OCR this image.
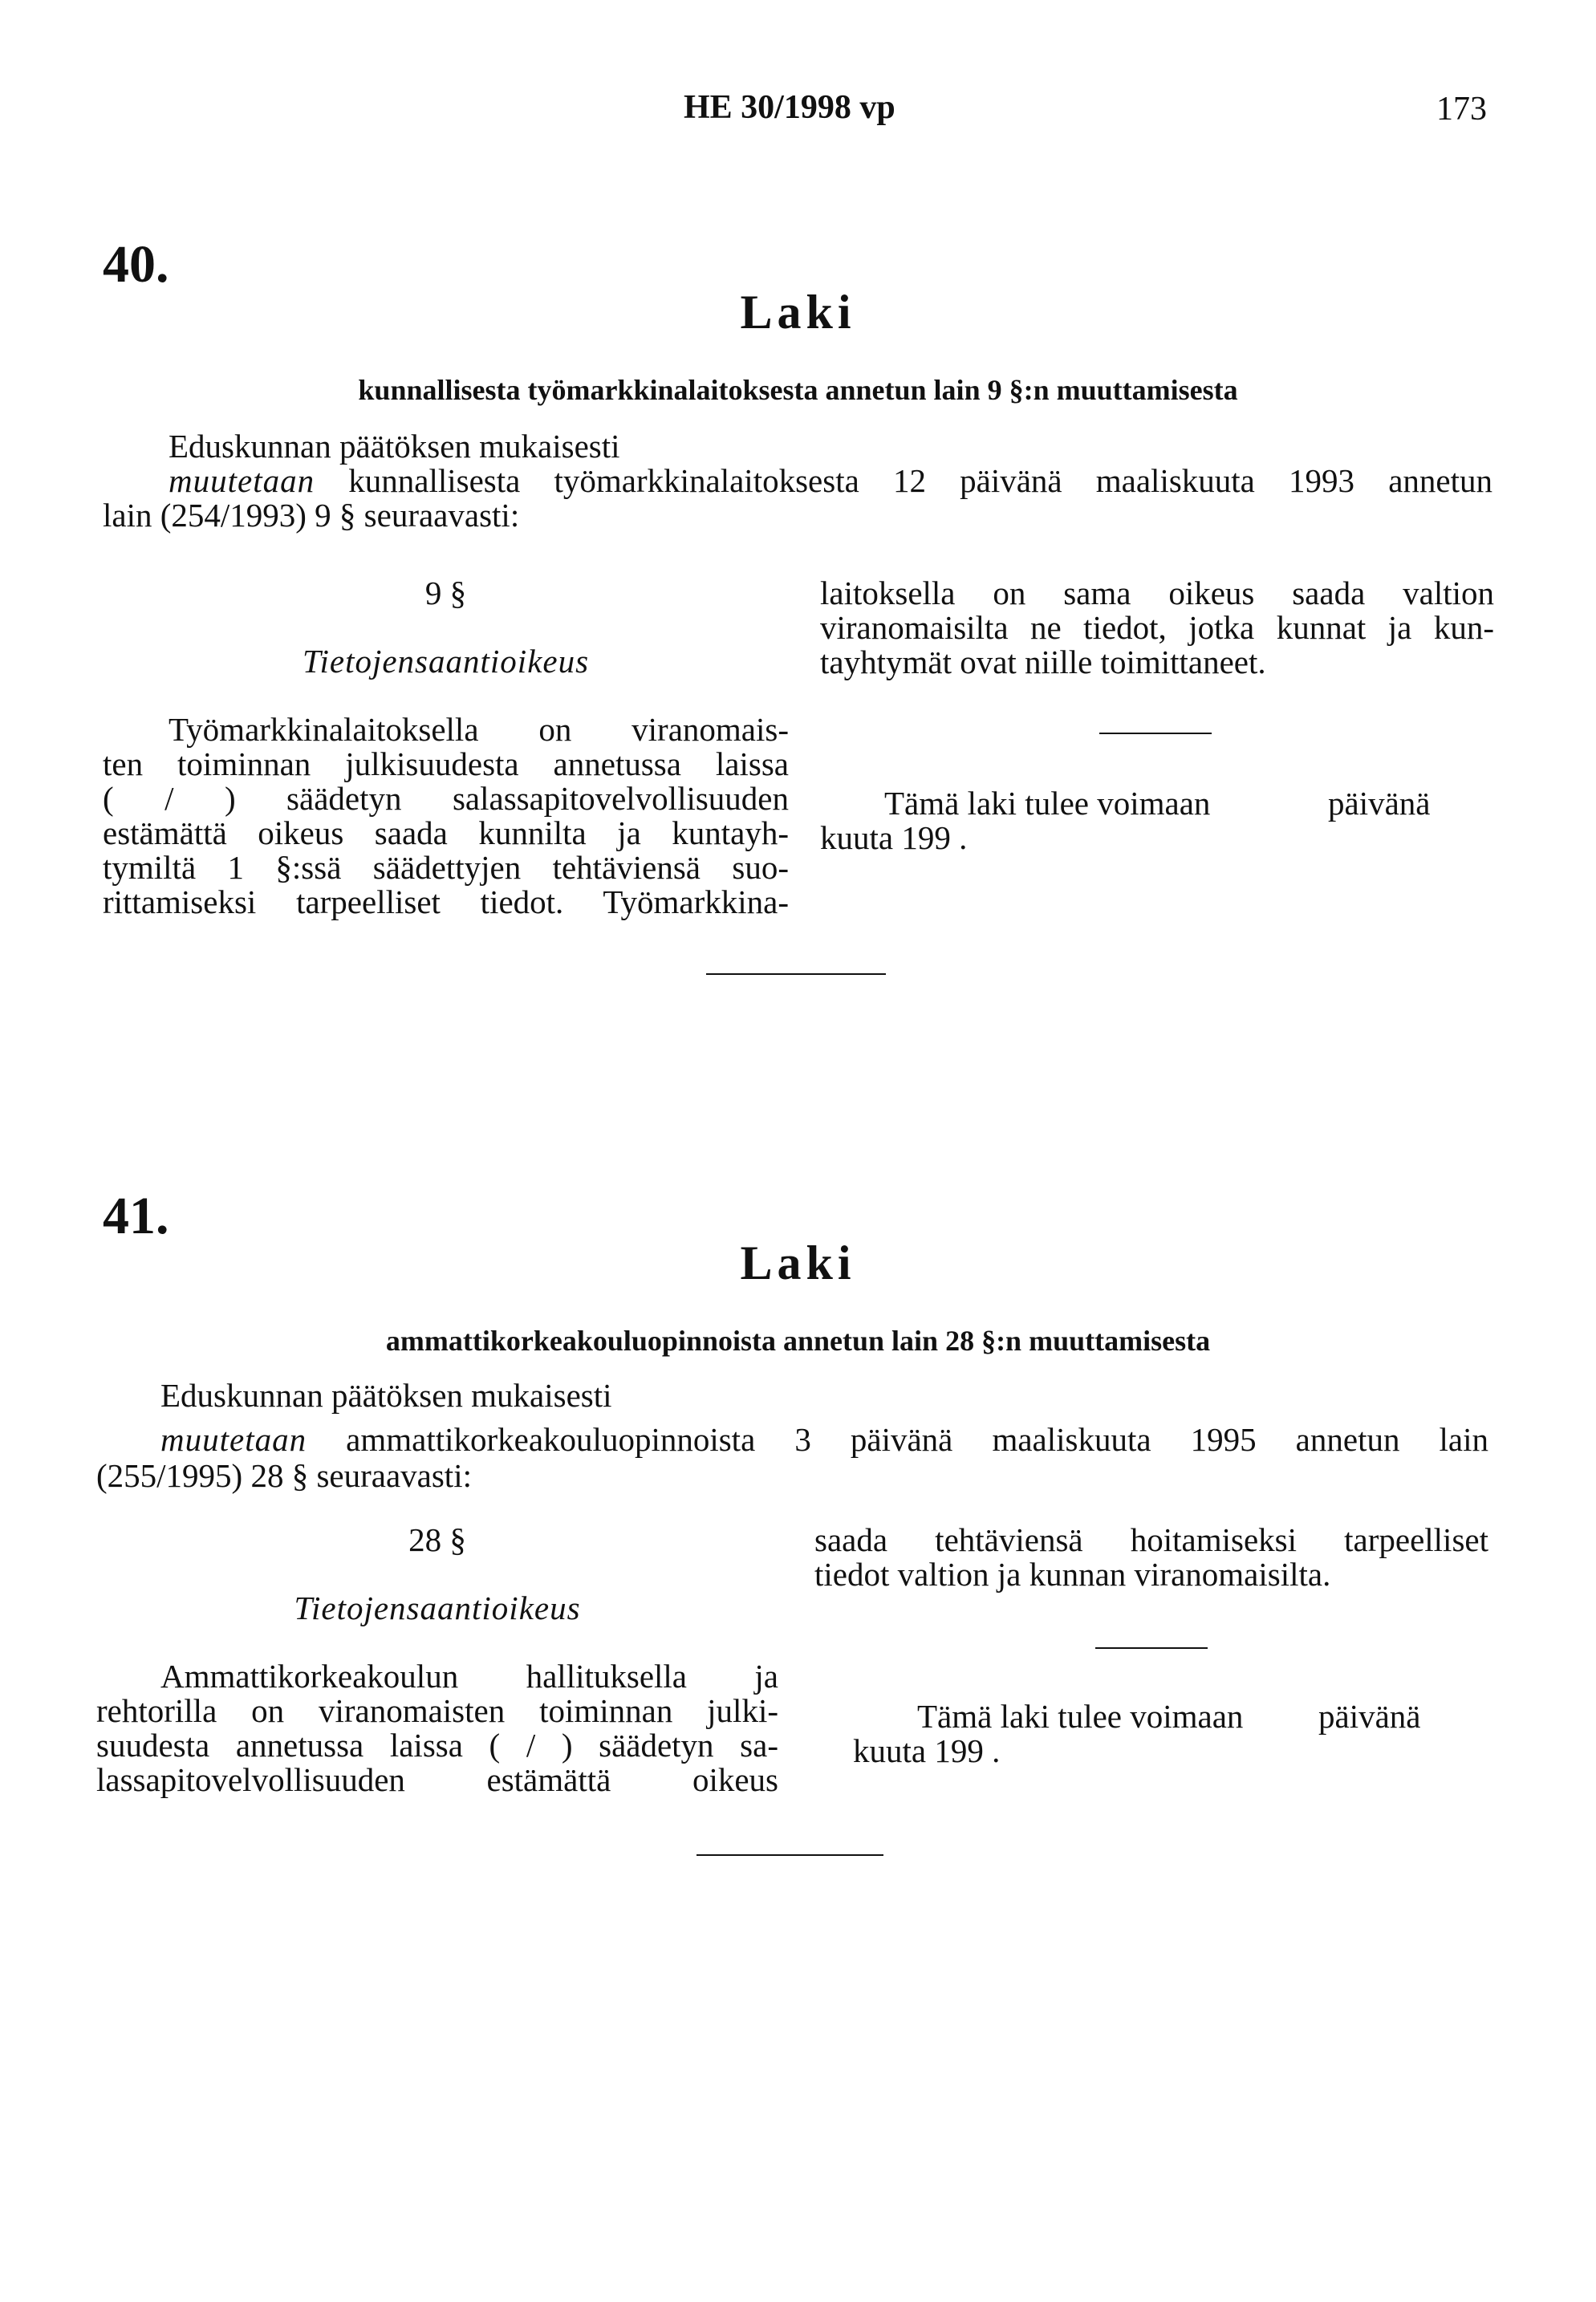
HE 30/1998 vp	173
40.
Laki
kunnallisesta työmarkkinalaitoksesta annetun lain 9 §:n muuttamisesta
Eduskunnan päätöksen mukaisesti
muutetaan kunnallisesta työmarkkinalaitoksesta 12 päivänä maaliskuuta 1993 annetun
lain (254/1993) 9 § seuraavasti:
9 §
Tietojensaantioikeus
Työmarkkinalaitoksella on viranomais-
ten toiminnan julkisuudesta annetussa laissa
( / ) säädetyn salassapitovelvollisuuden
estämättä oikeus saada kunnilta ja kuntayh-
tymiltä 1 §:ssä säädettyjen tehtäviensä suo-
rittamiseksi tarpeelliset tiedot. Työmarkkina-
laitoksella on sama oikeus saada valtion
viranomaisilta ne tiedot, jotka kunnat ja kun-
tayhtymät ovat niille toimittaneet.
Tämä laki tulee voimaan	päivänä
kuuta 199 .
41.
Laki
ammattikorkeakouluopinnoista annetun lain 28 §:n muuttamisesta
Eduskunnan päätöksen mukaisesti
muutetaan ammattikorkeakouluopinnoista 3 päivänä maaliskuuta 1995 annetun lain
(255/1995) 28 § seuraavasti:
28 §
Tietojensaantioikeus
Ammattikorkeakoulun hallituksella ja
rehtorilla on viranomaisten toiminnan julki-
suudesta annetussa laissa ( / ) säädetyn sa-
lassapitovelvollisuuden estämättä oikeus
saada tehtäviensä hoitamiseksi tarpeelliset
tiedot valtion ja kunnan viranomaisilta.
Tämä laki tulee voimaan päivänä
kuuta 199 .
